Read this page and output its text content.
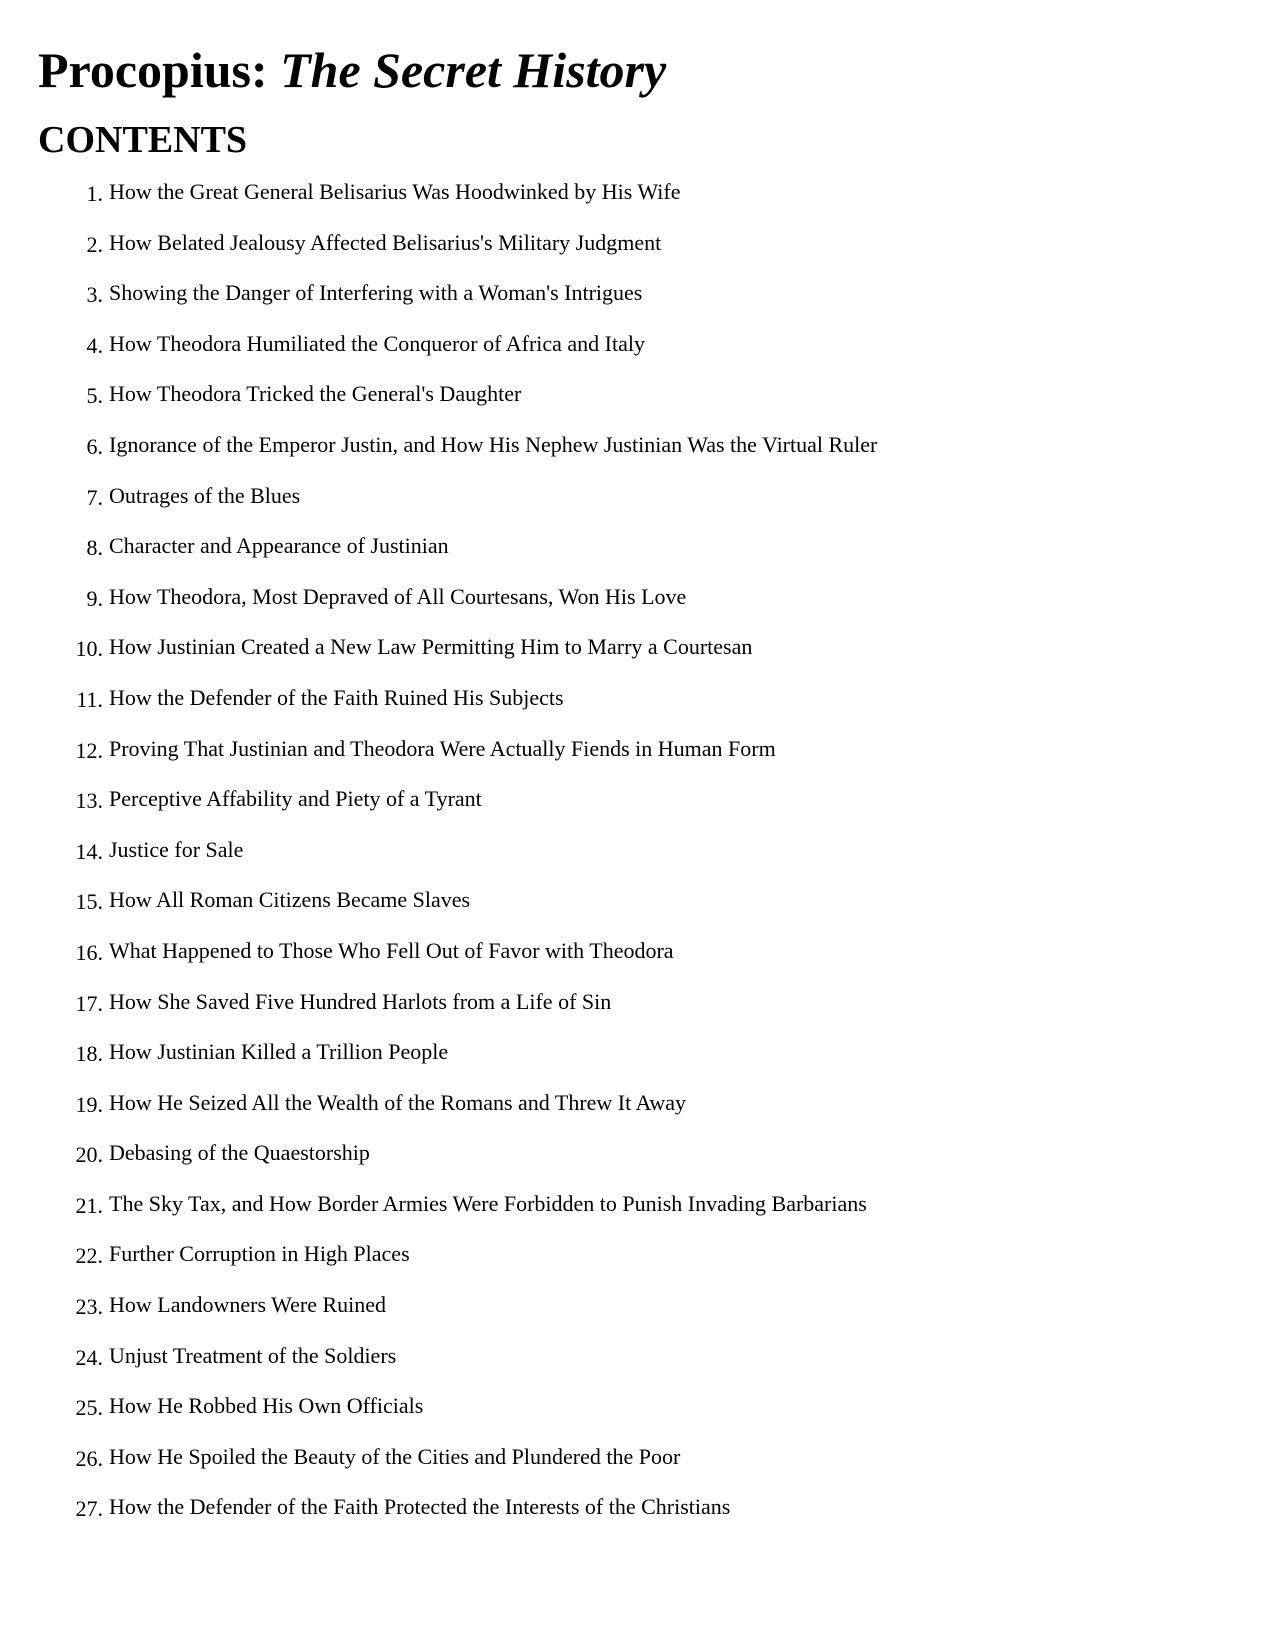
Procopius: The Secret History
CONTENTS
1. How the Great General Belisarius Was Hoodwinked by His Wife
2. How Belated Jealousy Affected Belisarius's Military Judgment
3. Showing the Danger of Interfering with a Woman's Intrigues
4. How Theodora Humiliated the Conqueror of Africa and Italy
5. How Theodora Tricked the General's Daughter
6. Ignorance of the Emperor Justin, and How His Nephew Justinian Was the Virtual Ruler
7. Outrages of the Blues
8. Character and Appearance of Justinian
9. How Theodora, Most Depraved of All Courtesans, Won His Love
10. How Justinian Created a New Law Permitting Him to Marry a Courtesan
11. How the Defender of the Faith Ruined His Subjects
12. Proving That Justinian and Theodora Were Actually Fiends in Human Form
13. Perceptive Affability and Piety of a Tyrant
14. Justice for Sale
15. How All Roman Citizens Became Slaves
16. What Happened to Those Who Fell Out of Favor with Theodora
17. How She Saved Five Hundred Harlots from a Life of Sin
18. How Justinian Killed a Trillion People
19. How He Seized All the Wealth of the Romans and Threw It Away
20. Debasing of the Quaestorship
21. The Sky Tax, and How Border Armies Were Forbidden to Punish Invading Barbarians
22. Further Corruption in High Places
23. How Landowners Were Ruined
24. Unjust Treatment of the Soldiers
25. How He Robbed His Own Officials
26. How He Spoiled the Beauty of the Cities and Plundered the Poor
27. How the Defender of the Faith Protected the Interests of the Christians
